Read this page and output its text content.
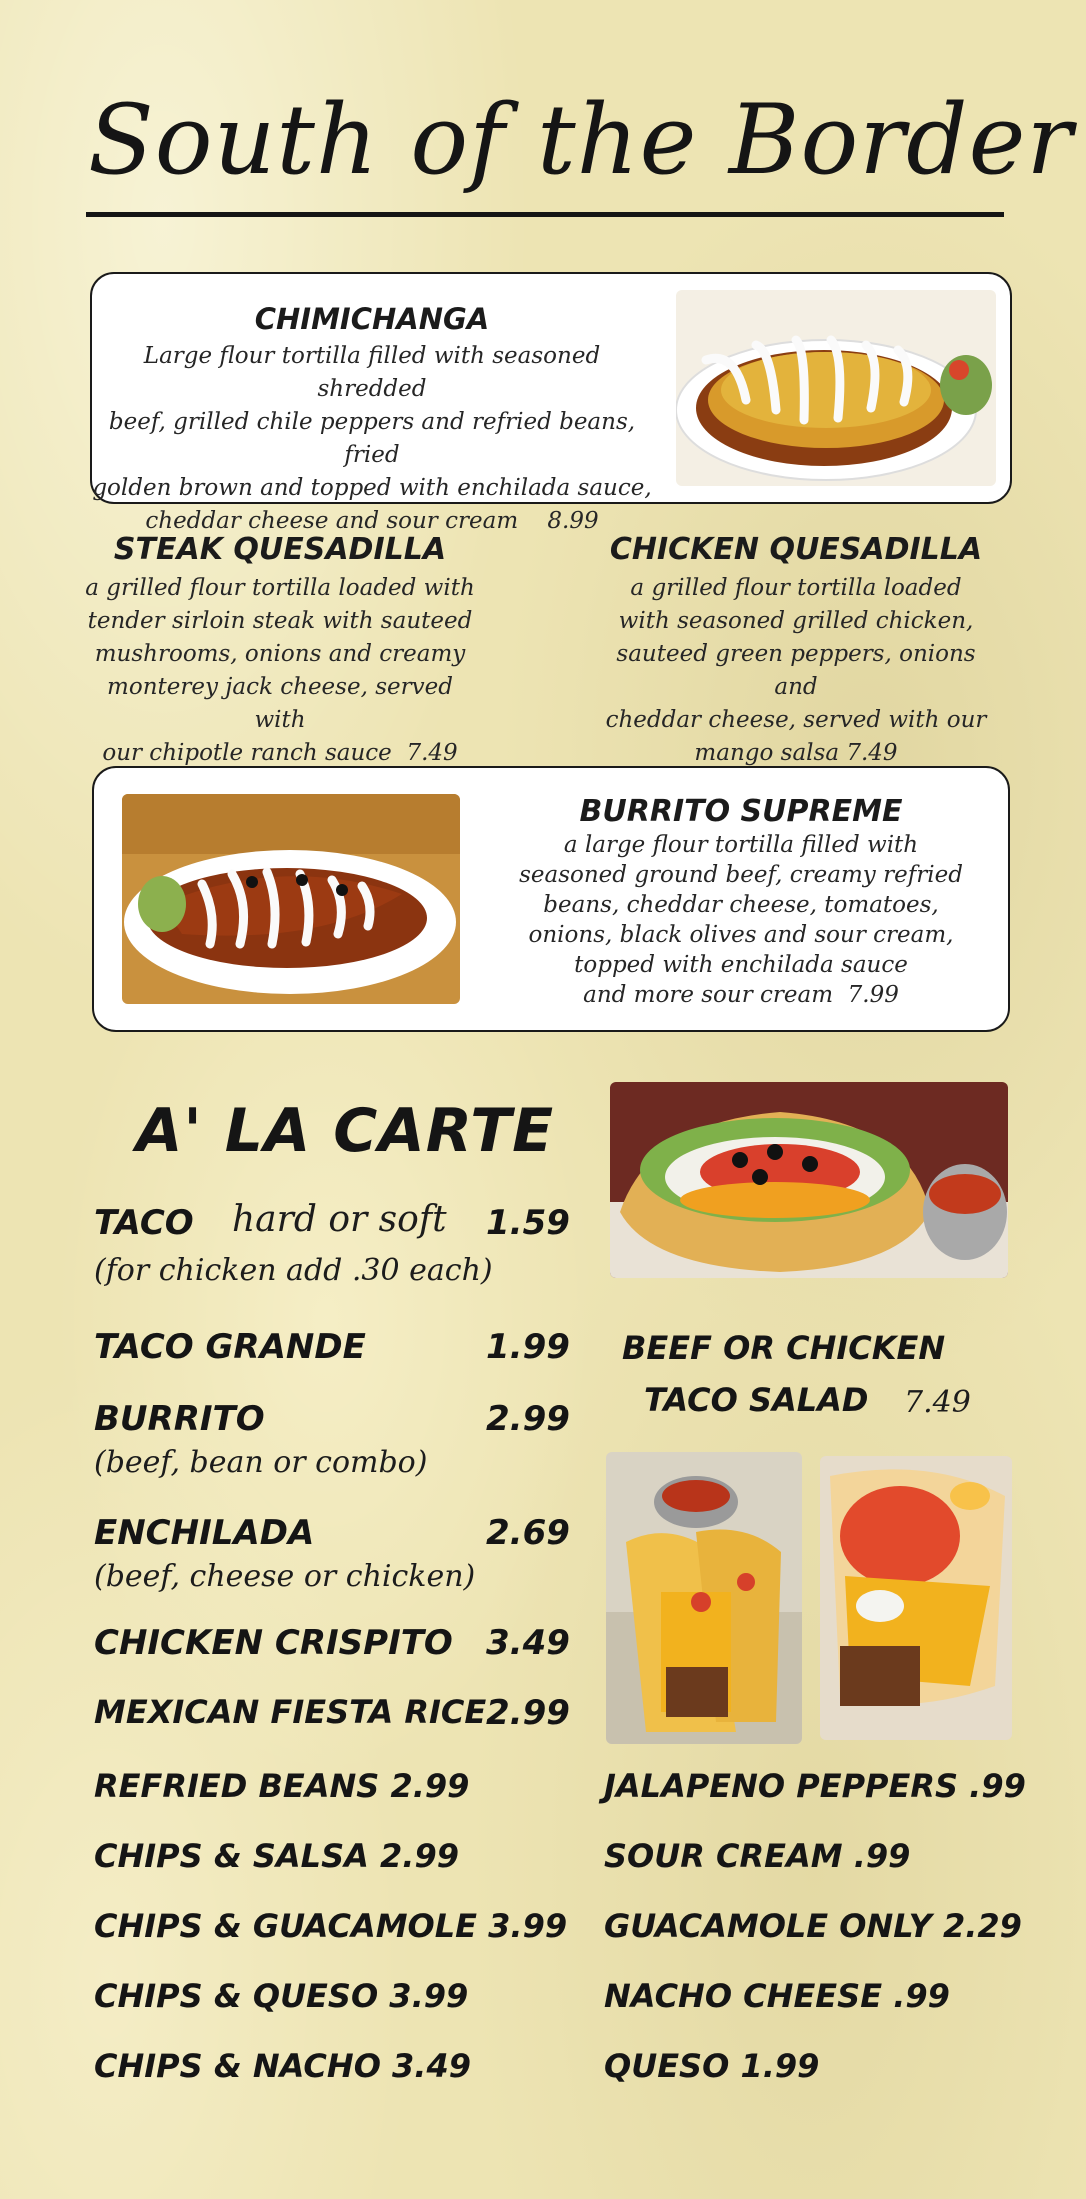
South of the Border
CHIMICHANGA
Large flour tortilla filled with seasoned shredded
beef, grilled chile peppers and refried beans, fried
golden brown and topped with enchilada sauce,
cheddar cheese and sour cream 8.99
STEAK QUESADILLA
a grilled flour tortilla loaded with
tender sirloin steak with sauteed
mushrooms, onions and creamy
monterey jack cheese, served with
our chipotle ranch sauce 7.49
CHICKEN QUESADILLA
a grilled flour tortilla loaded
with seasoned grilled chicken,
sauteed green peppers, onions and
cheddar cheese, served with our
mango salsa 7.49
BURRITO SUPREME
a large flour tortilla filled with
seasoned ground beef, creamy refried
beans, cheddar cheese, tomatoes,
onions, black olives and sour cream,
topped with enchilada sauce
and more sour cream 7.99
A' LA CARTE
TACO hard or soft 1.59
(for chicken add .30 each)
TACO GRANDE	1.99
BURRITO	2.99
(beef, bean or combo)
ENCHILADA	2.69
(beef, cheese or chicken)
CHICKEN CRISPITO 3.49
MEXICAN FIESTA RICE 2.99
BEEF OR CHICKEN
TACO SALAD 7.49
REFRIED BEANS 2.99
CHIPS & SALSA 2.99
CHIPS & GUACAMOLE 3.99
CHIPS & QUESO 3.99
CHIPS & NACHO 3.49
JALAPENO PEPPERS .99
SOUR CREAM .99
GUACAMOLE ONLY 2.29
NACHO CHEESE .99
QUESO 1.99
